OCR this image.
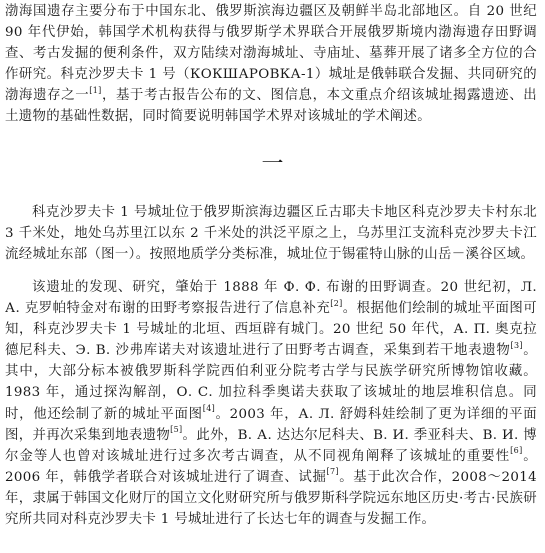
渤海国遗存主要分布于中国东北、俄罗斯滨海边疆区及朝鲜半岛北部地区。自 20 世纪 90 年代伊始，韩国学术机构获得与俄罗斯学术界联合开展俄罗斯境内渤海遗存田野调查、考古发掘的便利条件，双方陆续对渤海城址、寺庙址、墓葬开展了诸多全方位的合作研究。科克沙罗夫卡 1 号（КОКШАРОВКА-1）城址是俄韩联合发掘、共同研究的渤海遗存之一[1]，基于考古报告公布的文、图信息，本文重点介绍该城址揭露遗迹、出土遗物的基础性数据，同时简要说明韩国学术界对该城址的学术阐述。

一

科克沙罗夫卡 1 号城址位于俄罗斯滨海边疆区丘古耶夫卡地区科克沙罗夫卡村东北 3 千米处，地处乌苏里江以东 2 千米处的洪泛平原之上，乌苏里江支流科克沙罗夫卡江流经城址东部（图一）。按照地质学分类标准，城址位于锡霍特山脉的山岳－溪谷区域。

该遗址的发现、研究，肇始于 1888 年 Ф. Ф. 布谢的田野调查。20 世纪初，Л. А. 克罗帕特金对布谢的田野考察报告进行了信息补充[2]。根据他们绘制的城址平面图可知，科克沙罗夫卡 1 号城址的北垣、西垣辟有城门。20 世纪 50 年代，А. П. 奥克拉德尼科夫、Э. В. 沙弗库诺夫对该遗址进行了田野考古调查，采集到若干地表遗物[3]。其中，大部分标本被俄罗斯科学院西伯利亚分院考古学与民族学研究所博物馆收藏。1983 年，通过探沟解剖，О. С. 加拉科季奥诺夫获取了该城址的地层堆积信息。同时，他还绘制了新的城址平面图[4]。2003 年，А. Л. 舒姆科娃绘制了更为详细的平面图，并再次采集到地表遗物[5]。此外，В. А. 达达尔尼科夫、В. И. 季亚科夫、В. И. 博尔金等人也曾对该城址进行过多次考古调查，从不同视角阐释了该城址的重要性[6]。2006 年，韩俄学者联合对该城址进行了调查、试掘[7]。基于此次合作，2008～2014 年，隶属于韩国文化财厅的国立文化财研究所与俄罗斯科学院远东地区历史·考古·民族研究所共同对科克沙罗夫卡 1 号城址进行了长达七年的调查与发掘工作。
